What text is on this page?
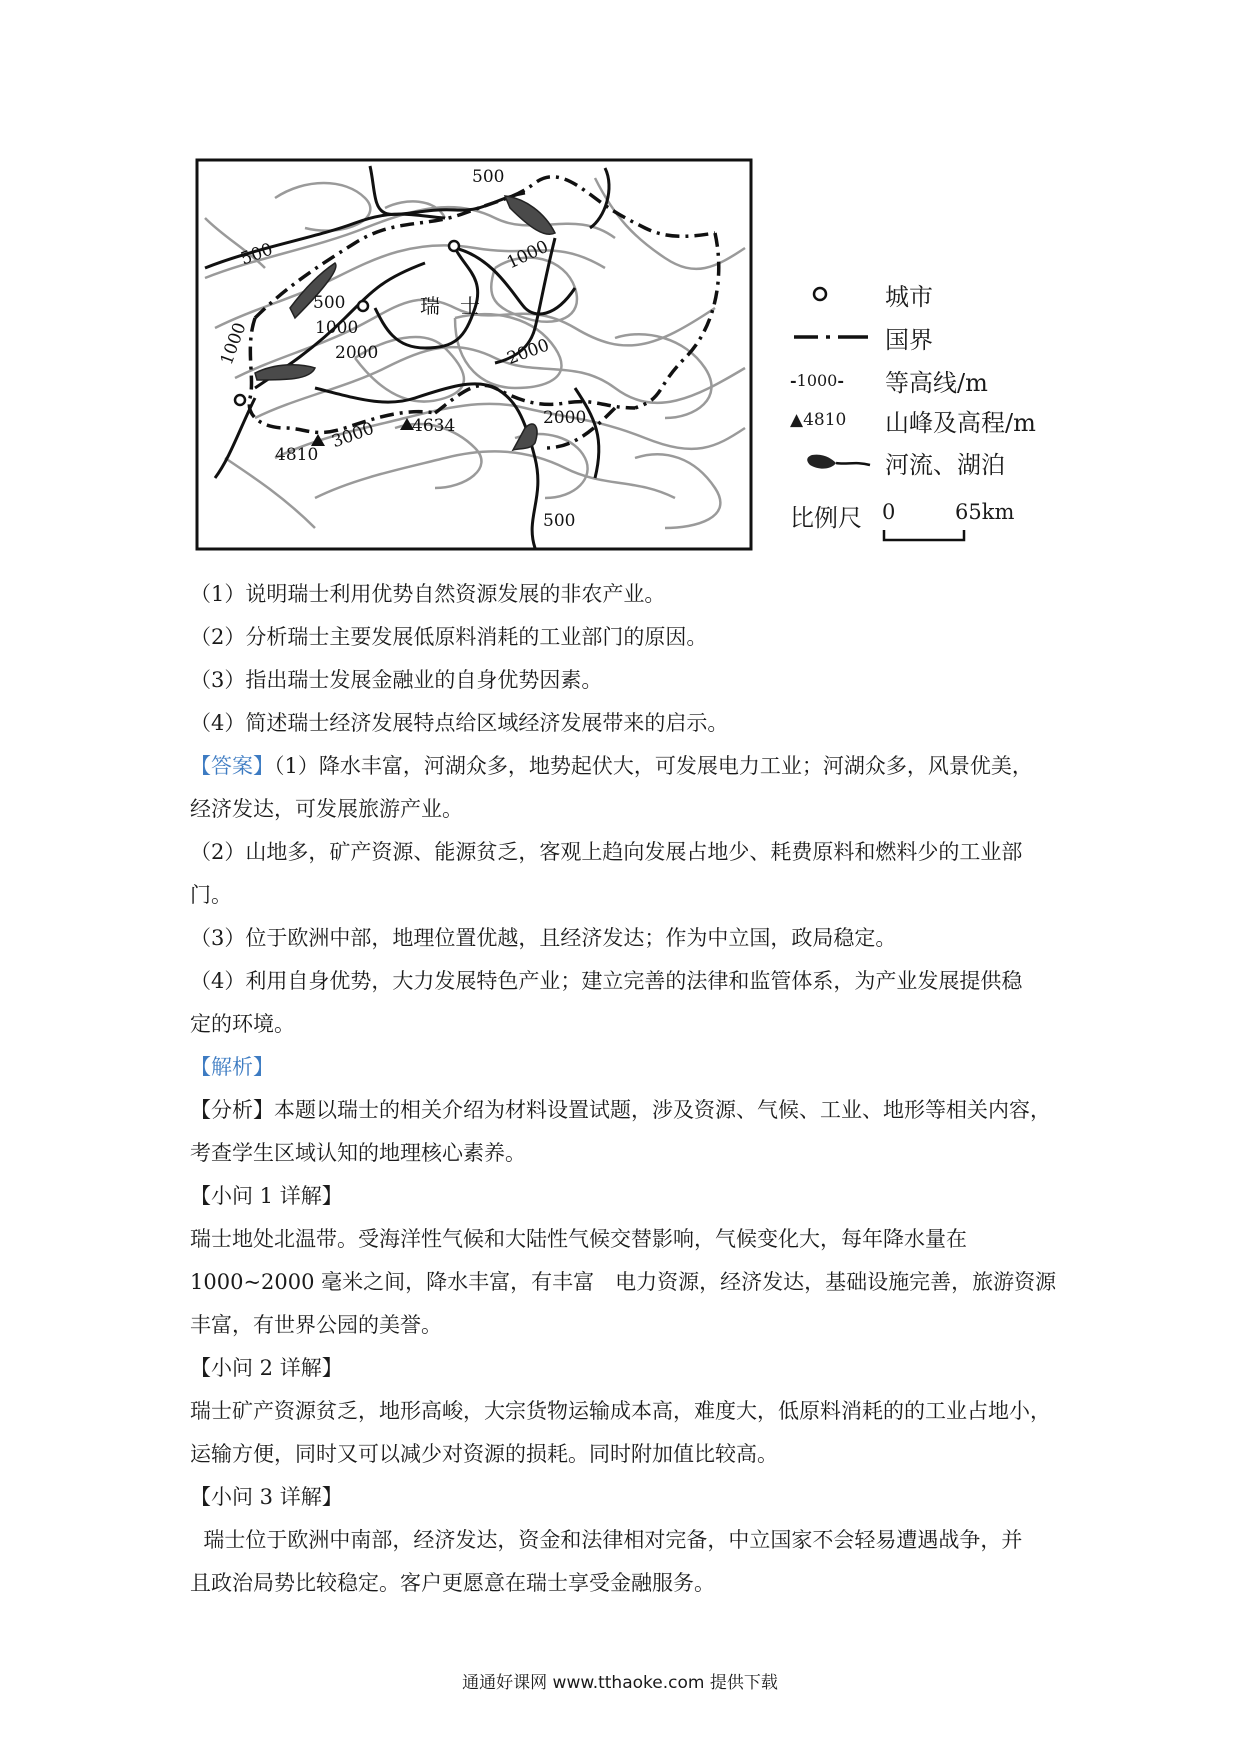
500
1000
500
500
1000
1000	2000	2000
2000
3000
500
4810
4634
瑞　士	城市
国界
- 1000 - 等高线/m
▲ 4810 山峰及高程/m
河流、湖泊
比例尺 0	65km
（1）说明瑞士利用优势自然资源发展的非农产业。
（2）分析瑞士主要发展低原料消耗的工业部门的原因。
（3）指出瑞士发展金融业的自身优势因素。
（4）简述瑞士经济发展特点给区域经济发展带来的启示。
【答案】（1）降水丰富，河湖众多，地势起伏大，可发展电力工业；河湖众多，风景优美，
经济发达，可发展旅游产业。
（2）山地多，矿产资源、能源贫乏，客观上趋向发展占地少、耗费原料和燃料少的工业部
门。
（3）位于欧洲中部，地理位置优越，且经济发达；作为中立国，政局稳定。
（4）利用自身优势，大力发展特色产业；建立完善的法律和监管体系，为产业发展提供稳
定的环境。
【解析】
【分析】本题以瑞士的相关介绍为材料设置试题，涉及资源、气候、工业、地形等相关内容，
考查学生区域认知的地理核心素养。
【小问 1 详解】
瑞士地处北温带。受海洋性气候和大陆性气候交替影响，气候变化大，每年降水量在
1000~2000 毫米之间，降水丰富，有丰富　电力资源，经济发达，基础设施完善，旅游资源
丰富，有世界公园的美誉。
【小问 2 详解】
瑞士矿产资源贫乏，地形高峻，大宗货物运输成本高，难度大，低原料消耗的的工业占地小，
运输方便，同时又可以减少对资源的损耗。同时附加值比较高。
【小问 3 详解】
瑞士位于欧洲中南部，经济发达，资金和法律相对完备，中立国家不会轻易遭遇战争，并
且政治局势比较稳定。客户更愿意在瑞士享受金融服务。
通通好课网 www.tthaoke.com 提供下载
